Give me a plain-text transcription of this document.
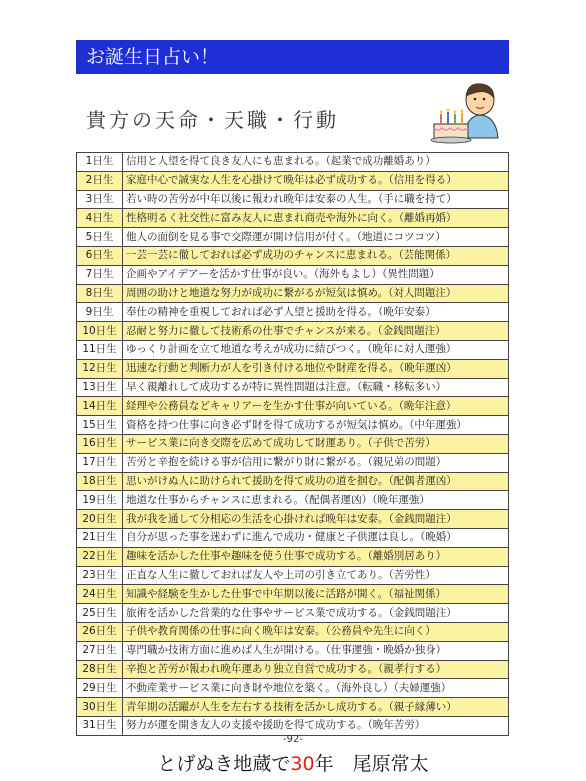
お誕生日占い！
貴方の天命・天職・行動
1日生	信用と人望を得て良き友人にも恵まれる。（起業で成功離婚あり）
2日生	家庭中心で誠実な人生を心掛けて晩年は必ず成功する。（信用を得る）
3日生	若い時の苦労が中年以後に報われ晩年は安泰の人生。（手に職を持て）
4日生	性格明るく社交性に富み友人に恵まれ商売や海外に向く。（離婚再婚）
5日生	他人の面倒を見る事で交際運が開け信用が付く。（地道にコツコツ）
6日生	一芸一芸に徹しておれば必ず成功のチャンスに恵まれる。（芸能関係）
7日生	企画やアイデアーを活かす仕事が良い。（海外もよし）（異性問題）
8日生	周囲の助けと地道な努力が成功に繋がるが短気は慎め。（対人問題注）
9日生	奉仕の精神を重視しておれば必ず人望と援助を得る。（晩年安泰）
10日生	忍耐と努力に徹して技術系の仕事でチャンスが来る。（金銭問題注）
11日生	ゆっくり計画を立て地道な考えが成功に結びつく。（晩年に対人運強）
12日生	迅速な行動と判断力が人を引き付ける地位や財産を得る。（晩年運凶）
13日生	早く親離れして成功するが特に異性問題は注意。（転職・移転多い）
14日生	経理や公務員などキャリアーを生かす仕事が向いている。（晩年注意）
15日生	資格を持つ仕事に向き必ず財を得て成功するが短気は慎め。（中年運強）
16日生	サービス業に向き交際を広めて成功して財運あり。（子供で苦労）
17日生	苦労と辛抱を続ける事が信用に繋がり財に繋がる。（親兄弟の問題）
18日生	思いがけぬ人に助けられて援助を得て成功の道を掴む。（配偶者運凶）
19日生	地道な仕事からチャンスに恵まれる。（配偶者運凶）（晩年運強）
20日生	我が我を通して分相応の生活を心掛ければ晩年は安泰。（金銭問題注）
21日生	自分が思った事を迷わずに進んで成功・健康と子供運は良し。（晩婚）
22日生	趣味を活かした仕事や趣味を使う仕事で成功する。（離婚別居あり）
23日生	正直な人生に徹しておれば友人や上司の引き立てあり。（苦労性）
24日生	知識や経験を生かした仕事で中年期以後に活路が開く。（福祉関係）
25日生	旅術を活かした営業的な仕事やサービス業で成功する。（金銭問題注）
26日生	子供や教育関係の仕事に向く晩年は安泰。（公務員や先生に向く）
27日生	専門職か技術方面に進めば人生が開ける。（仕事運強・晩婚か独身）
28日生	辛抱と苦労が報われ晩年運あり独立自営で成功する。（親孝行する）
29日生	不動産業サービス業に向き財や地位を築く。（海外良し）（夫婦運強）
30日生	青年期の活躍が人生を左右する技術を活かし成功する。（親子縁薄い）
31日生	努力が運を開き友人の支援や援助を得て成功する。（晩年苦労）
-92-
とげぬき地蔵で30年　尾原常太
